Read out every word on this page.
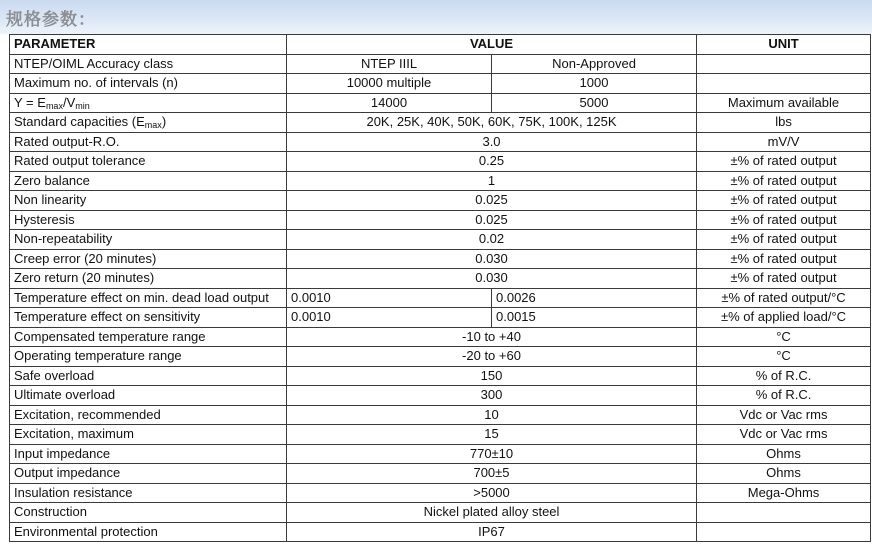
规格参数：
PARAMETER	VALUE		UNIT
NTEP/OIML Accuracy class	NTEP IIIL	Non-Approved	
Maximum no. of intervals (n)	10000 multiple	1000	
$Y = E_{max}/V_{min}$	14000	5000	Maximum available
Standard capacities $(E_{max})$	20K, 25K, 40K, 50K, 60K, 75K, 100K, 125K		lbs
Rated output-R.O.	3.0		mV/V
Rated output tolerance	0.25		±% of rated output
Zero balance	1		±% of rated output
Non linearity	0.025		±% of rated output
Hysteresis	0.025		±% of rated output
Non-repeatability	0.02		±% of rated output
Creep error (20 minutes)	0.030		±% of rated output
Zero return (20 minutes)	0.030		±% of rated output
Temperature effect on min. dead load output	0.0010	0.0026	±% of rated output/°C
Temperature effect on sensitivity	0.0010	0.0015	±% of applied load/°C
Compensated temperature range	-10 to +40		°C
Operating temperature range	-20 to +60		°C
Safe overload	150		% of R.C.
Ultimate overload	300		% of R.C.
Excitation, recommended	10		Vdc or Vac rms
Excitation, maximum	15		Vdc or Vac rms
Input impedance	770±10		Ohms
Output impedance	700±5		Ohms
Insulation resistance	>5000		Mega-Ohms
Construction	Nickel plated alloy steel		
Environmental protection	IP67		
